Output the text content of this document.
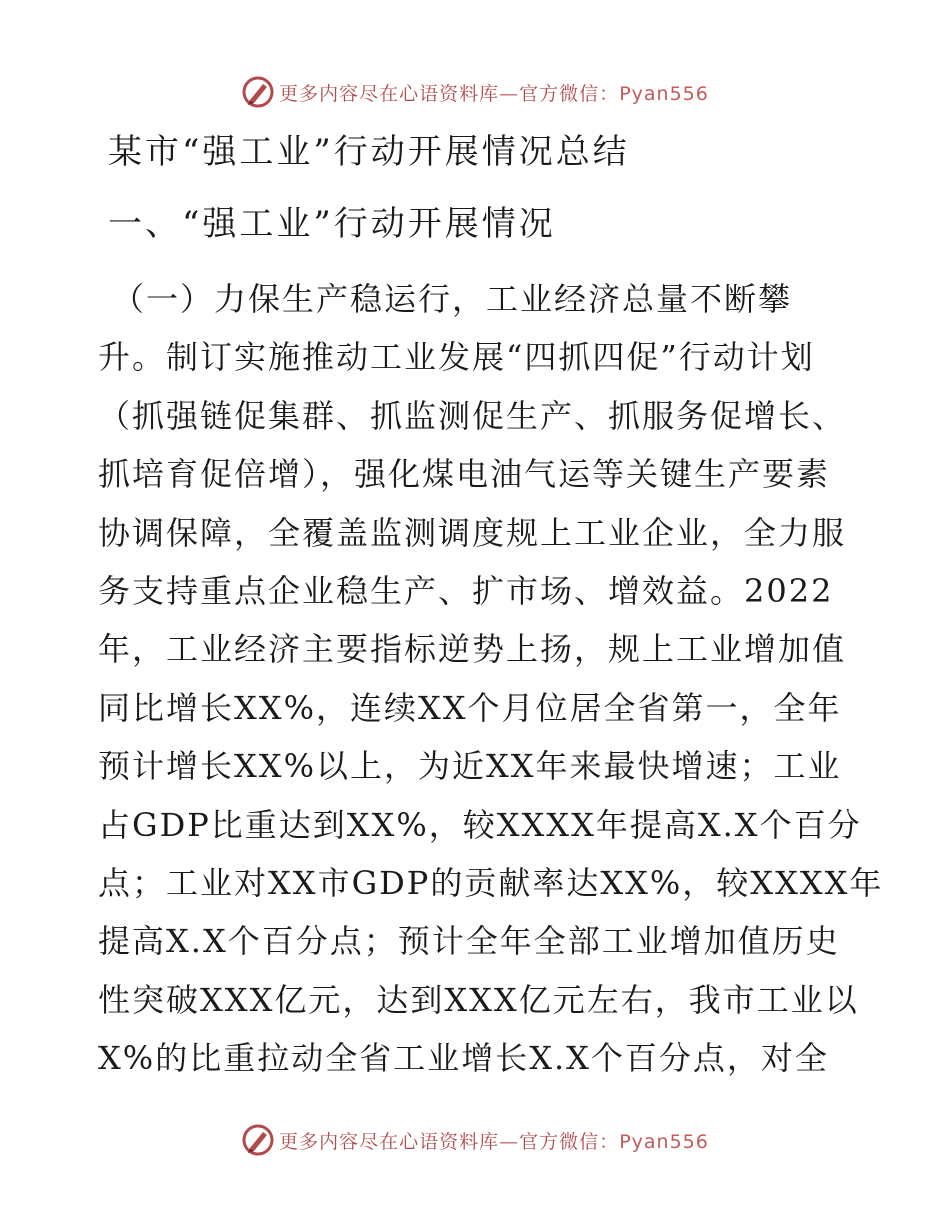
更多内容尽在心语资料库—官方微信：Pyan556
某市“强工业”行动开展情况总结
一、“强工业”行动开展情况
（一）力保生产稳运行，工业经济总量不断攀
升。制订实施推动工业发展“四抓四促”行动计划
（抓强链促集群、抓监测促生产、抓服务促增长、
抓培育促倍增），强化煤电油气运等关键生产要素
协调保障，全覆盖监测调度规上工业企业，全力服
务支持重点企业稳生产、扩市场、增效益。2022
年，工业经济主要指标逆势上扬，规上工业增加值
同比增长XX%，连续XX个月位居全省第一，全年
预计增长XX%以上，为近XX年来最快增速；工业
占GDP比重达到XX%，较XXXX年提高X.X个百分
点；工业对XX市GDP的贡献率达XX%，较XXXX年
提高X.X个百分点；预计全年全部工业增加值历史
性突破XXX亿元，达到XXX亿元左右，我市工业以
X%的比重拉动全省工业增长X.X个百分点，对全
更多内容尽在心语资料库—官方微信：Pyan556
